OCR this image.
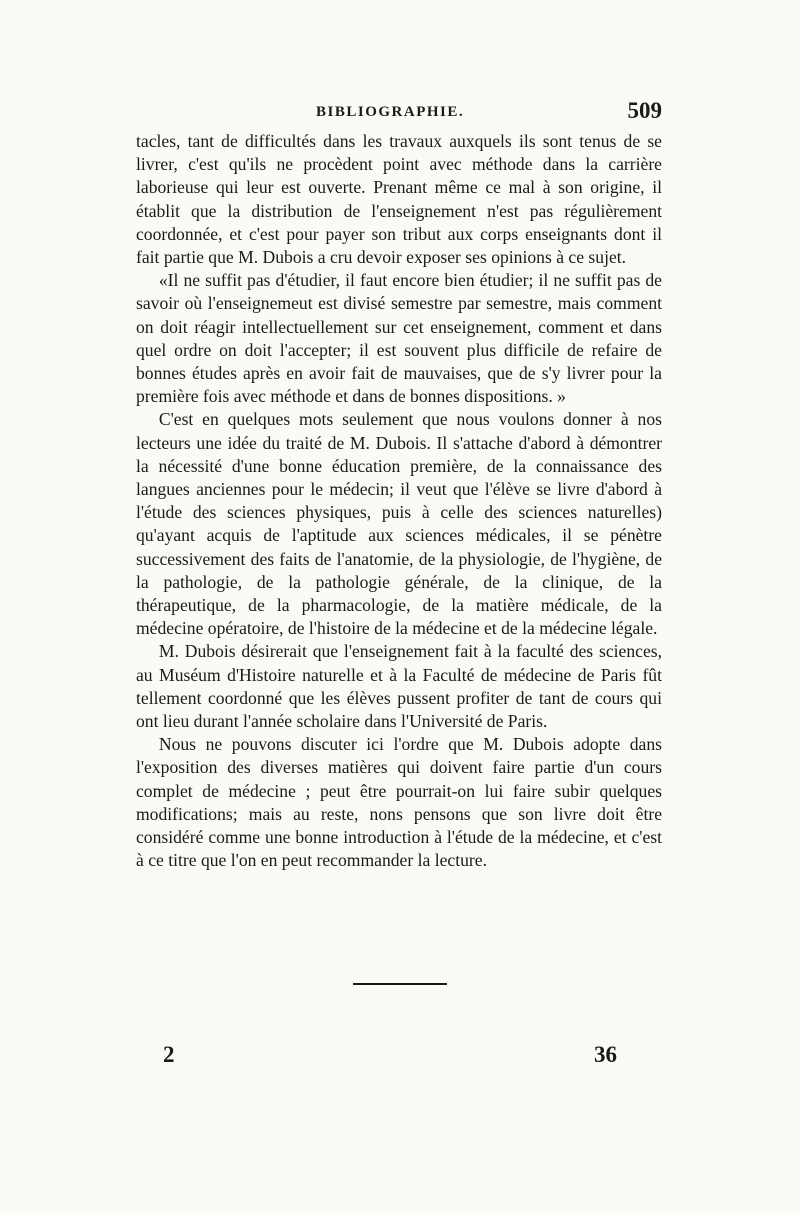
BIBLIOGRAPHIE.	509

tacles, tant de difficultés dans les travaux auxquels ils sont tenus de se livrer, c'est qu'ils ne procèdent point avec méthode dans la carrière laborieuse qui leur est ouverte. Prenant même ce mal à son origine, il établit que la distribution de l'enseignement n'est pas régulièrement coordonnée, et c'est pour payer son tribut aux corps enseignants dont il fait partie que M. Dubois a cru devoir exposer ses opinions à ce sujet.

«Il ne suffit pas d'étudier, il faut encore bien étudier; il ne suffit pas de savoir où l'enseignemeut est divisé semestre par semestre, mais comment on doit réagir intellectuellement sur cet enseignement, comment et dans quel ordre on doit l'accepter; il est souvent plus difficile de refaire de bonnes études après en avoir fait de mauvaises, que de s'y livrer pour la première fois avec méthode et dans de bonnes dispositions. »

C'est en quelques mots seulement que nous voulons donner à nos lecteurs une idée du traité de M. Dubois. Il s'attache d'abord à démontrer la nécessité d'une bonne éducation première, de la connaissance des langues anciennes pour le médecin; il veut que l'élève se livre d'abord à l'étude des sciences physiques, puis à celle des sciences naturelles) qu'ayant acquis de l'aptitude aux sciences médicales, il se pénètre successivement des faits de l'anatomie, de la physiologie, de l'hygiène, de la pathologie, de la pathologie générale, de la clinique, de la thérapeutique, de la pharmacologie, de la matière médicale, de la médecine opératoire, de l'histoire de la médecine et de la médecine légale.

M. Dubois désirerait que l'enseignement fait à la faculté des sciences, au Muséum d'Histoire naturelle et à la Faculté de médecine de Paris fût tellement coordonné que les élèves pussent profiter de tant de cours qui ont lieu durant l'année scholaire dans l'Université de Paris.

Nous ne pouvons discuter ici l'ordre que M. Dubois adopte dans l'exposition des diverses matières qui doivent faire partie d'un cours complet de médecine ; peut être pourrait-on lui faire subir quelques modifications; mais au reste, nons pensons que son livre doit être considéré comme une bonne introduction à l'étude de la médecine, et c'est à ce titre que l'on en peut recommander la lecture.

2	36
